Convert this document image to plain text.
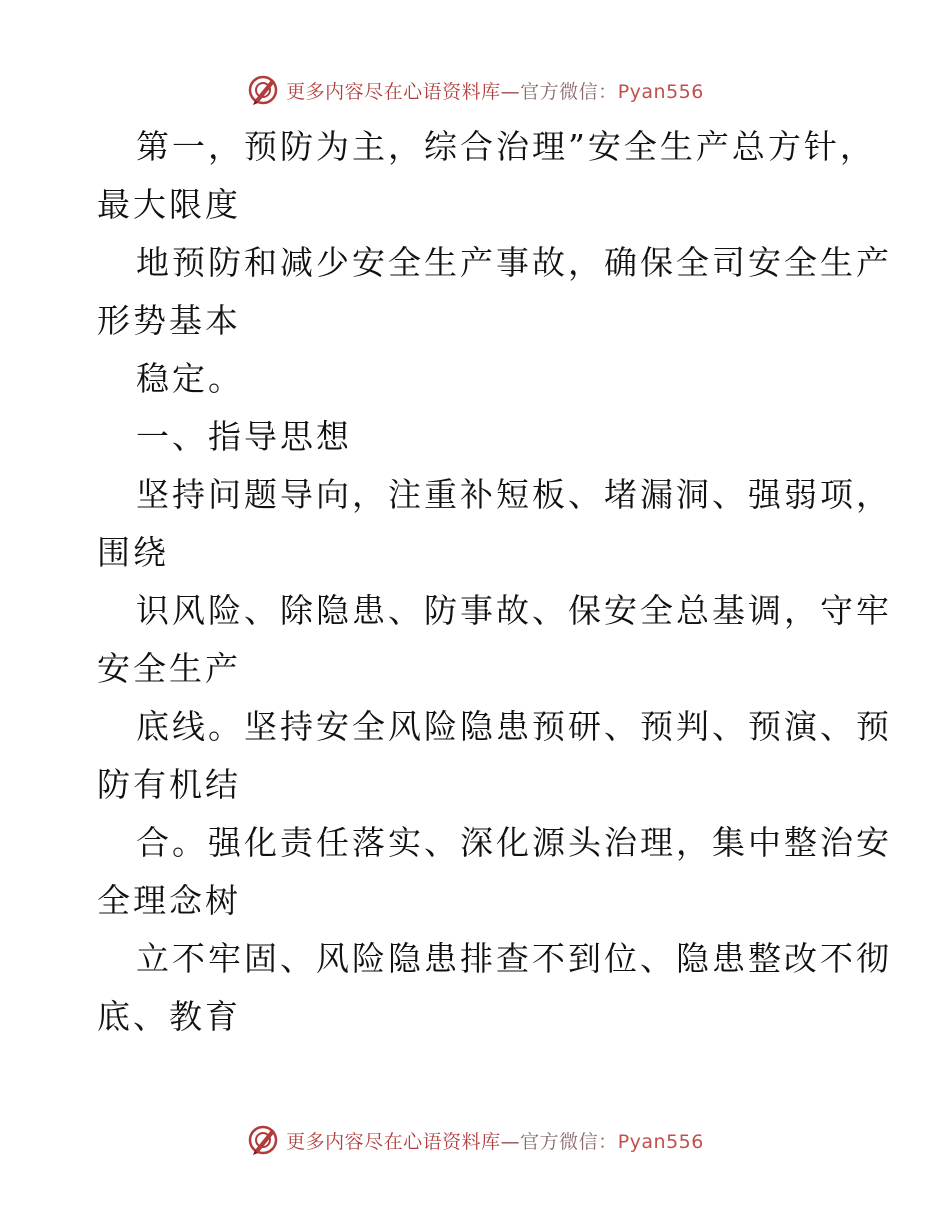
更多内容尽在心语资料库—官方微信：Pyan556
第一，预防为主，综合治理”安全生产总方针，
最大限度
地预防和减少安全生产事故，确保全司安全生产
形势基本
稳定。
一、指导思想
坚持问题导向，注重补短板、堵漏洞、强弱项，
围绕
识风险、除隐患、防事故、保安全总基调，守牢
安全生产
底线。坚持安全风险隐患预研、预判、预演、预
防有机结
合。强化责任落实、深化源头治理，集中整治安
全理念树
立不牢固、风险隐患排查不到位、隐患整改不彻
底、教育
更多内容尽在心语资料库—官方微信：Pyan556
